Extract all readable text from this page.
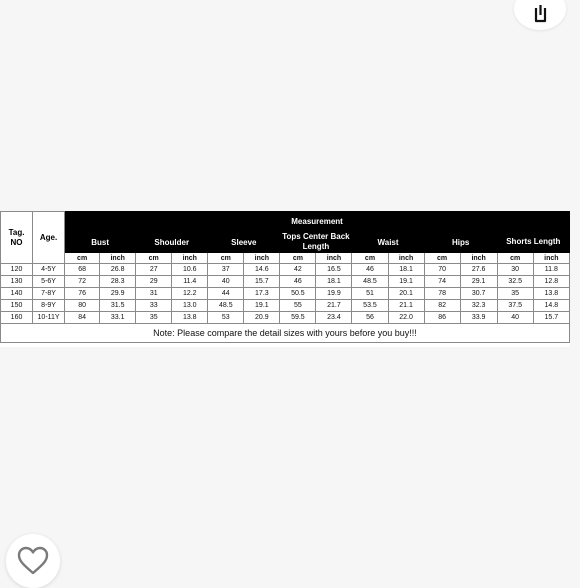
Tag.
NO	Age.	Measurement													
		Bust		Shoulder		Sleeve		Tops Center Back Length		Waist		Hips		Shorts Length	
		cm	inch	cm	inch	cm	inch	cm	inch	cm	inch	cm	inch	cm	inch
120	4-5Y	68	26.8	27	10.6	37	14.6	42	16.5	46	18.1	70	27.6	30	11.8
130	5-6Y	72	28.3	29	11.4	40	15.7	46	18.1	48.5	19.1	74	29.1	32.5	12.8
140	7-8Y	76	29.9	31	12.2	44	17.3	50.5	19.9	51	20.1	78	30.7	35	13.8
150	8-9Y	80	31.5	33	13.0	48.5	19.1	55	21.7	53.5	21.1	82	32.3	37.5	14.8
160	10-11Y	84	33.1	35	13.8	53	20.9	59.5	23.4	56	22.0	86	33.9	40	15.7
Note: Please compare the detail sizes with yours before you buy!!!															
